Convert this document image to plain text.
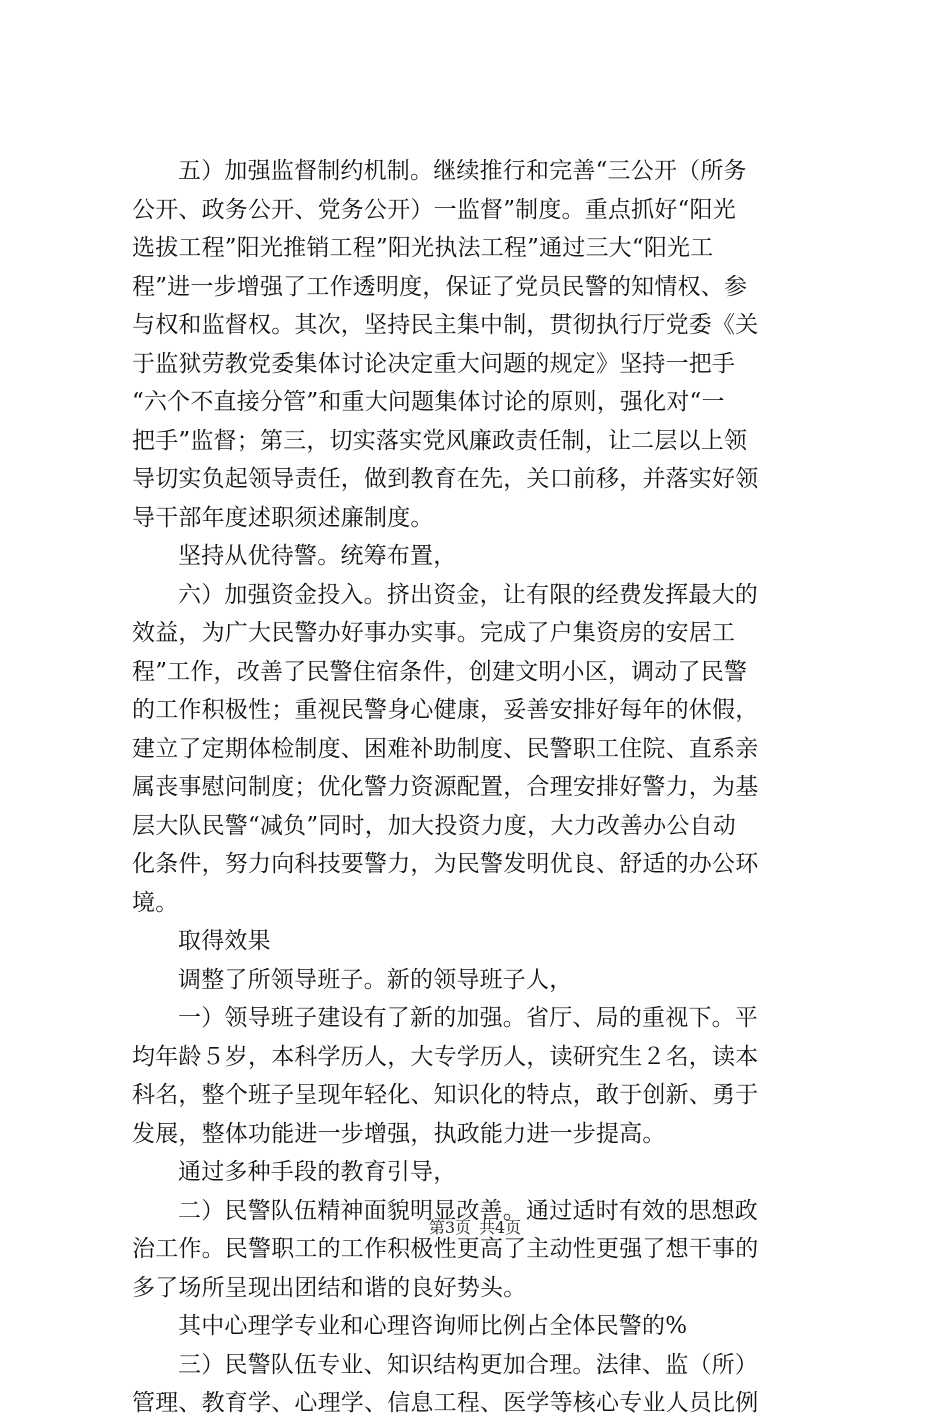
五）加强监督制约机制。继续推行和完善“三公开（所务
公开、政务公开、党务公开）一监督”制度。重点抓好“阳光
选拔工程”阳光推销工程”阳光执法工程”通过三大“阳光工
程”进一步增强了工作透明度，保证了党员民警的知情权、参
与权和监督权。其次，坚持民主集中制，贯彻执行厅党委《关
于监狱劳教党委集体讨论决定重大问题的规定》坚持一把手
“六个不直接分管”和重大问题集体讨论的原则，强化对“一
把手”监督；第三，切实落实党风廉政责任制，让二层以上领
导切实负起领导责任，做到教育在先，关口前移，并落实好领
导干部年度述职须述廉制度。
坚持从优待警。统筹布置，
六）加强资金投入。挤出资金，让有限的经费发挥最大的
效益，为广大民警办好事办实事。完成了户集资房的安居工
程”工作，改善了民警住宿条件，创建文明小区，调动了民警
的工作积极性；重视民警身心健康，妥善安排好每年的休假，
建立了定期体检制度、困难补助制度、民警职工住院、直系亲
属丧事慰问制度；优化警力资源配置，合理安排好警力，为基
层大队民警“减负”同时，加大投资力度，大力改善办公自动
化条件，努力向科技要警力，为民警发明优良、舒适的办公环
境。
取得效果
调整了所领导班子。新的领导班子人，
一）领导班子建设有了新的加强。省厅、局的重视下。平
均年龄５岁，本科学历人，大专学历人，读研究生２名，读本
科名，整个班子呈现年轻化、知识化的特点，敢于创新、勇于
发展，整体功能进一步增强，执政能力进一步提高。
通过多种手段的教育引导，
二）民警队伍精神面貌明显改善。通过适时有效的思想政
治工作。民警职工的工作积极性更高了主动性更强了想干事的
多了场所呈现出团结和谐的良好势头。
其中心理学专业和心理咨询师比例占全体民警的%
三）民警队伍专业、知识结构更加合理。法律、监（所）
管理、教育学、心理学、信息工程、医学等核心专业人员比例
第3页 共4页
